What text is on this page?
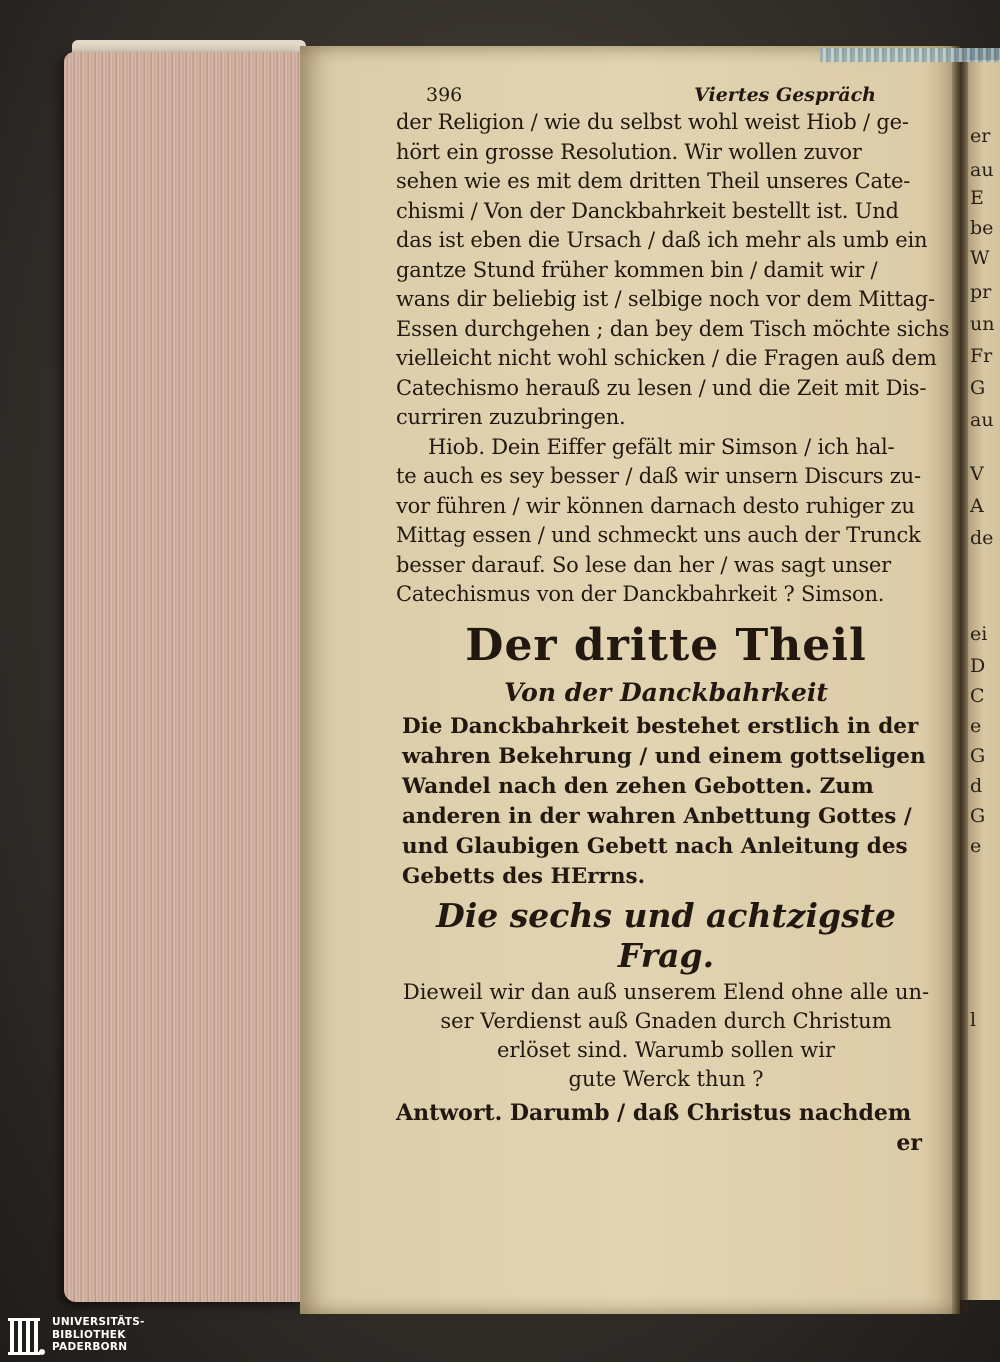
396	Viertes Gespräch
der Religion / wie du selbst wohl weist Hiob / ge-
hört ein grosse Resolution. Wir wollen zuvor
sehen wie es mit dem dritten Theil unseres Cate-
chismi / Von der Danckbahrkeit bestellt ist. Und
das ist eben die Ursach / daß ich mehr als umb ein
gantze Stund früher kommen bin / damit wir /
wans dir beliebig ist / selbige noch vor dem Mittag-
Essen durchgehen ; dan bey dem Tisch möchte sichs
vielleicht nicht wohl schicken / die Fragen auß dem
Catechismo herauß zu lesen / und die Zeit mit Dis-
curriren zuzubringen.
Hiob. Dein Eiffer gefält mir Simson / ich hal-
te auch es sey besser / daß wir unsern Discurs zu-
vor führen / wir können darnach desto ruhiger zu
Mittag essen / und schmeckt uns auch der Trunck
besser darauf. So lese dan her / was sagt unser
Catechismus von der Danckbahrkeit ? Simson.
Der dritte Theil
Von der Danckbahrkeit
Die Danckbahrkeit bestehet erstlich in der
wahren Bekehrung / und einem gottseligen
Wandel nach den zehen Gebotten. Zum
anderen in der wahren Anbettung Gottes /
und Glaubigen Gebett nach Anleitung des
Gebetts des HErrns.
Die sechs und achtzigste Frag.
Dieweil wir dan auß unserem Elend ohne alle un-
ser Verdienst auß Gnaden durch Christum
erlöset sind. Warumb sollen wir
gute Werck thun ?
Antwort. Darumb / daß Christus nachdem
er
er
au
E
be
W
pr
un
Fr
G
au
V
A
de
ei
D
C
e
G
d
G
e
l
UNIVERSITÄTS-
BIBLIOTHEK
PADERBORN
